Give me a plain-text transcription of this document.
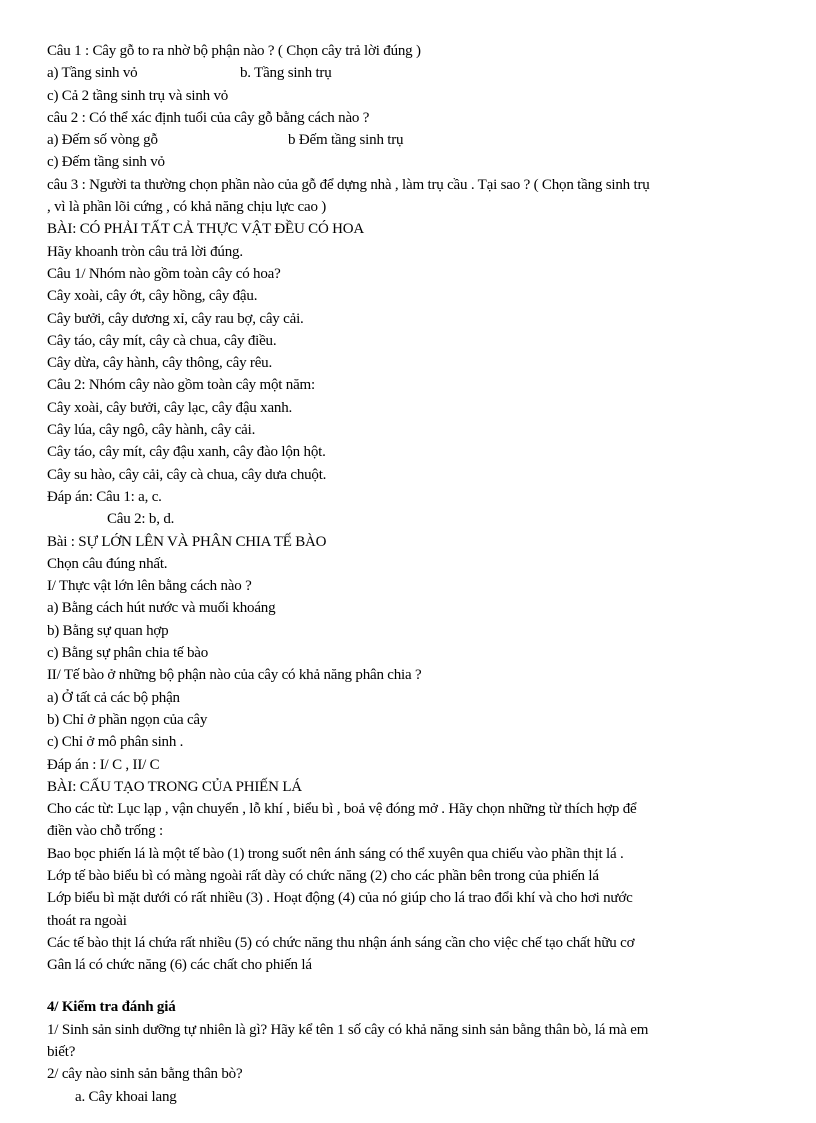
Câu 1 : Cây gỗ to ra nhờ bộ phận nào ? ( Chọn cây trả lời đúng )
a) Tầng sinh vỏ	b. Tầng sinh trụ
c) Cả 2 tầng sinh trụ và sinh vỏ
câu 2 : Có thể xác định tuổi của cây gỗ bằng cách nào ?
a) Đếm số vòng gỗ	b Đếm tầng sinh trụ
c) Đếm tầng sinh vỏ
câu 3 : Người ta thường chọn phần nào của gỗ để dựng nhà , làm trụ cầu . Tại sao ? ( Chọn tầng sinh trụ
, vì là phần lõi cứng , có khả năng chịu lực cao )
BÀI: CÓ PHẢI TẤT CẢ THỰC VẬT ĐỀU CÓ HOA
Hãy khoanh tròn câu trả lời đúng.
Câu 1/ Nhóm nào gồm toàn cây có hoa?
Cây xoài, cây ớt, cây hồng, cây đậu.
Cây bưởi, cây dương xỉ, cây rau bợ, cây cải.
Cây táo, cây mít, cây cà chua, cây điều.
Cây dừa, cây hành, cây thông, cây rêu.
Câu 2: Nhóm cây nào gồm toàn cây một năm:
Cây xoài, cây bưởi, cây lạc, cây đậu xanh.
Cây lúa, cây ngô, cây hành, cây cải.
Cây táo, cây mít, cây đậu xanh, cây đào lộn hột.
Cây su hào, cây cải, cây cà chua, cây dưa chuột.
Đáp án: Câu 1: a, c.
Câu 2: b, d.
Bài : SỰ LỚN LÊN VÀ PHÂN CHIA TẾ BÀO
Chọn câu đúng nhất.
I/ Thực vật lớn lên bằng cách nào ?
a) Bằng cách hút nước và muối khoáng
b) Bằng sự quan hợp
c) Bằng sự phân chia tế bào
II/ Tế bào ở những bộ phận nào của cây có khả năng phân chia ?
a) Ở tất cả các bộ phận
b) Chỉ ở phần ngọn của cây
c) Chỉ ở mô phân sinh .
Đáp án : I/ C , II/ C
BÀI: CẤU TẠO TRONG CỦA PHIẾN LÁ
Cho các từ: Lục lạp , vận chuyển , lỗ khí , biểu bì , boả vệ đóng mở . Hãy chọn những từ thích hợp để
điền vào chỗ trống :
Bao bọc phiến lá là một tế bào (1) trong suốt nên ánh sáng có thể xuyên qua chiếu vào phần thịt lá .
Lớp tế bào biểu bì có màng ngoài rất dày có chức năng (2) cho các phần bên trong của phiến lá
Lớp biểu bì mặt dưới có rất nhiều (3) . Hoạt động (4) của nó giúp cho lá trao đổi khí và cho hơi nước
thoát ra ngoài
Các tế bào thịt lá chứa rất nhiều (5) có chức năng thu nhận ánh sáng cần cho việc chế tạo chất hữu cơ
Gân lá có chức năng (6) các chất cho phiến lá
4/ Kiểm tra đánh giá
1/ Sinh sản sinh dưỡng tự nhiên là gì? Hãy kể tên 1 số cây có khả năng sinh sản bằng thân bò, lá mà em
biết?
2/ cây nào sinh sản bằng thân bò?
a. Cây khoai lang
